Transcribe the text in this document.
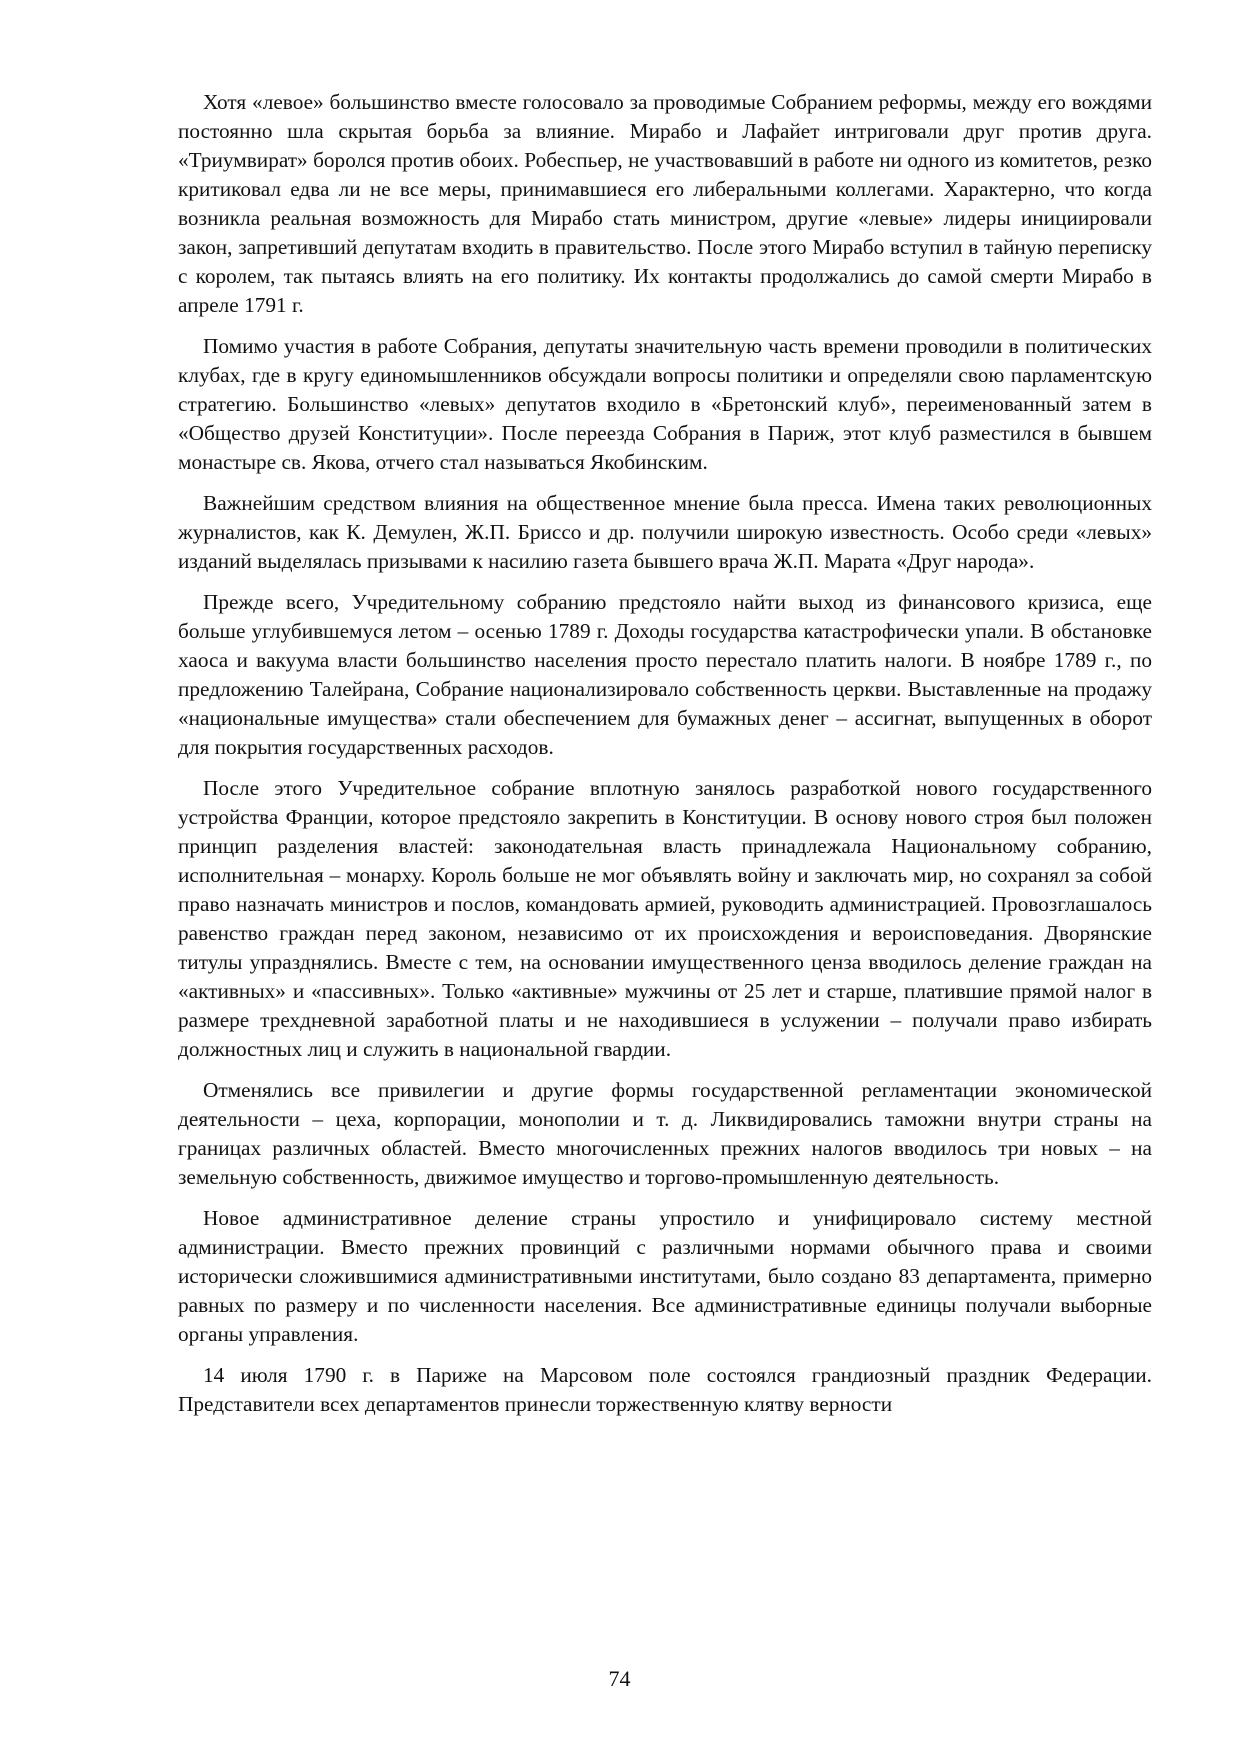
Хотя «левое» большинство вместе голосовало за проводимые Собранием реформы, между его вождями постоянно шла скрытая борьба за влияние. Мирабо и Лафайет интриговали друг против друга. «Триумвират» боролся против обоих. Робеспьер, не участвовавший в работе ни одного из комитетов, резко критиковал едва ли не все меры, принимавшиеся его либеральными коллегами. Характерно, что когда возникла реальная возможность для Мирабо стать министром, другие «левые» лидеры инициировали закон, запретивший депутатам входить в правительство. После этого Мирабо вступил в тайную переписку с королем, так пытаясь влиять на его политику. Их контакты продолжались до самой смерти Мирабо в апреле 1791 г.

Помимо участия в работе Собрания, депутаты значительную часть времени проводили в политических клубах, где в кругу единомышленников обсуждали вопросы политики и определяли свою парламентскую стратегию. Большинство «левых» депутатов входило в «Бретонский клуб», переименованный затем в «Общество друзей Конституции». После переезда Собрания в Париж, этот клуб разместился в бывшем монастыре св. Якова, отчего стал называться Якобинским.

Важнейшим средством влияния на общественное мнение была пресса. Имена таких революционных журналистов, как К. Демулен, Ж.П. Бриссо и др. получили широкую известность. Особо среди «левых» изданий выделялась призывами к насилию газета бывшего врача Ж.П. Марата «Друг народа».

Прежде всего, Учредительному собранию предстояло найти выход из финансового кризиса, еще больше углубившемуся летом – осенью 1789 г. Доходы государства катастрофически упали. В обстановке хаоса и вакуума власти большинство населения просто перестало платить налоги. В ноябре 1789 г., по предложению Талейрана, Собрание национализировало собственность церкви. Выставленные на продажу «национальные имущества» стали обеспечением для бумажных денег – ассигнат, выпущенных в оборот для покрытия государственных расходов.

После этого Учредительное собрание вплотную занялось разработкой нового государственного устройства Франции, которое предстояло закрепить в Конституции. В основу нового строя был положен принцип разделения властей: законодательная власть принадлежала Национальному собранию, исполнительная – монарху. Король больше не мог объявлять войну и заключать мир, но сохранял за собой право назначать министров и послов, командовать армией, руководить администрацией. Провозглашалось равенство граждан перед законом, независимо от их происхождения и вероисповедания. Дворянские титулы упразднялись. Вместе с тем, на основании имущественного ценза вводилось деление граждан на «активных» и «пассивных». Только «активные» мужчины от 25 лет и старше, платившие прямой налог в размере трехдневной заработной платы и не находившиеся в услужении – получали право избирать должностных лиц и служить в национальной гвардии.

Отменялись все привилегии и другие формы государственной регламентации экономической деятельности – цеха, корпорации, монополии и т. д. Ликвидировались таможни внутри страны на границах различных областей. Вместо многочисленных прежних налогов вводилось три новых – на земельную собственность, движимое имущество и торгово-промышленную деятельность.

Новое административное деление страны упростило и унифицировало систему местной администрации. Вместо прежних провинций с различными нормами обычного права и своими исторически сложившимися административными институтами, было создано 83 департамента, примерно равных по размеру и по численности населения. Все административные единицы получали выборные органы управления.

14 июля 1790 г. в Париже на Марсовом поле состоялся грандиозный праздник Федерации. Представители всех департаментов принесли торжественную клятву верности

74
